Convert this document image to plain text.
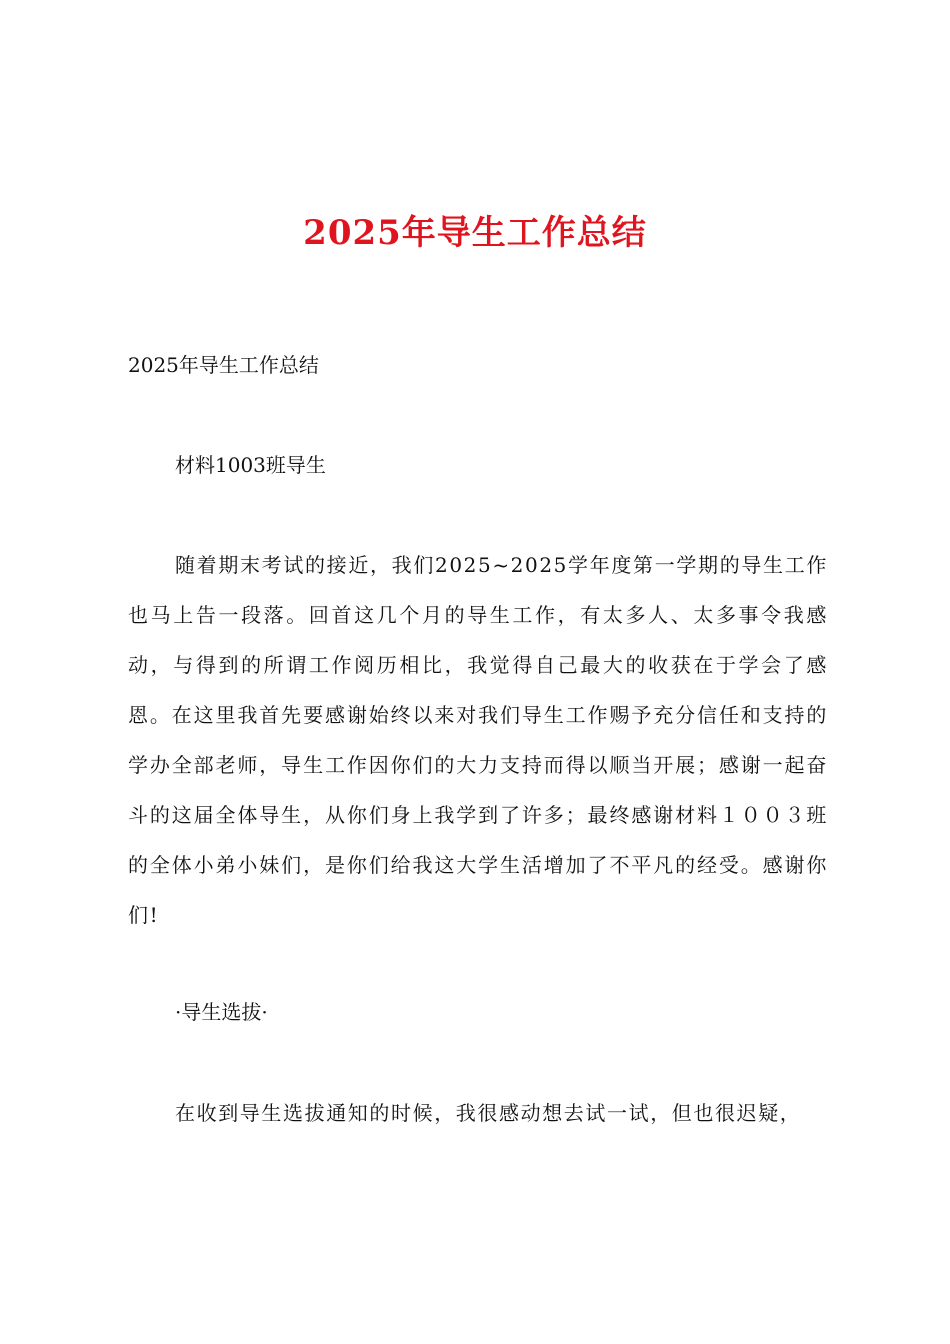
2025年导生工作总结

2025年导生工作总结

材料1003班导生

随着期末考试的接近，我们2025~2025学年度第一学期的导生工作也马上告一段落。回首这几个月的导生工作，有太多人、太多事令我感动，与得到的所谓工作阅历相比，我觉得自己最大的收获在于学会了感恩。在这里我首先要感谢始终以来对我们导生工作赐予充分信任和支持的学办全部老师，导生工作因你们的大力支持而得以顺当开展；感谢一起奋斗的这届全体导生，从你们身上我学到了许多；最终感谢材料１００３班的全体小弟小妹们，是你们给我这大学生活增加了不平凡的经受。感谢你们!

·导生选拔·

在收到导生选拔通知的时候，我很感动想去试一试，但也很迟疑，
